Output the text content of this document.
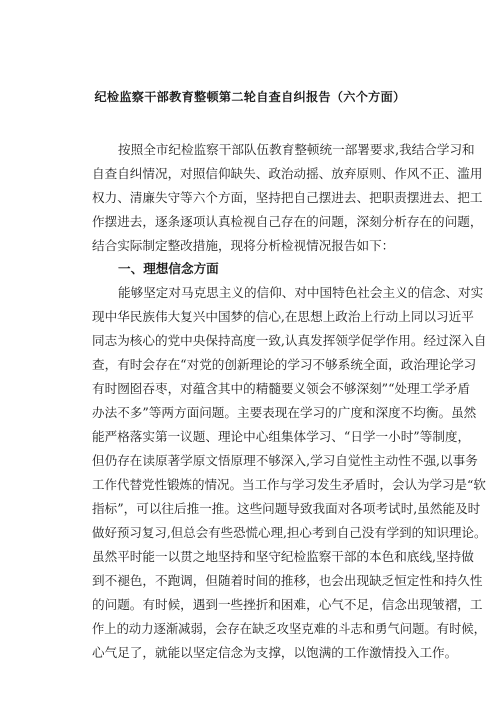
纪检监察干部教育整顿第二轮自查自纠报告（六个方面）
按照全市纪检监察干部队伍教育整顿统一部署要求,我结合学习和
自查自纠情况，对照信仰缺失、政治动摇、放弃原则、作风不正、滥用
权力、清廉失守等六个方面，坚持把自己摆进去、把职责摆进去、把工
作摆进去，逐条逐项认真检视自己存在的问题，深刻分析存在的问题，
结合实际制定整改措施，现将分析检视情况报告如下：
一、理想信念方面
能够坚定对马克思主义的信仰、对中国特色社会主义的信念、对实
现中华民族伟大复兴中国梦的信心,在思想上政治上行动上同以习近平
同志为核心的党中央保持高度一致,认真发挥领学促学作用。经过深入自
查，有时会存在“对党的创新理论的学习不够系统全面，政治理论学习
有时囫囵吞枣，对蕴含其中的精髓要义领会不够深刻”“处理工学矛盾
办法不多”等两方面问题。主要表现在学习的广度和深度不均衡。虽然
能严格落实第一议题、理论中心组集体学习、“日学一小时”等制度，
但仍存在读原著学原文悟原理不够深入,学习自觉性主动性不强,以事务
工作代替党性锻炼的情况。当工作与学习发生矛盾时，会认为学习是“软
指标”，可以往后推一推。这些问题导致我面对各项考试时,虽然能及时
做好预习复习,但总会有些恐慌心理,担心考到自己没有学到的知识理论。
虽然平时能一以贯之地坚持和坚守纪检监察干部的本色和底线,坚持做
到不褪色，不跑调，但随着时间的推移，也会出现缺乏恒定性和持久性
的问题。有时候，遇到一些挫折和困难，心气不足，信念出现皱褶，工
作上的动力逐渐减弱，会存在缺乏攻坚克难的斗志和勇气问题。有时候，
心气足了，就能以坚定信念为支撑，以饱满的工作激情投入工作。
